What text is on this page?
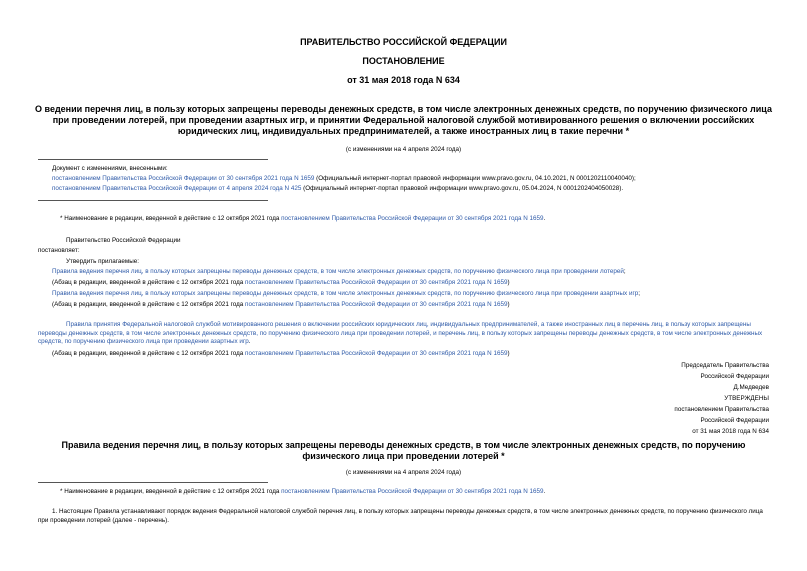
ПРАВИТЕЛЬСТВО РОССИЙСКОЙ ФЕДЕРАЦИИ
ПОСТАНОВЛЕНИЕ
от 31 мая 2018 года N 634
О ведении перечня лиц, в пользу которых запрещены переводы денежных средств, в том числе электронных денежных средств, по поручению физического лица
при проведении лотерей, при проведении азартных игр, и принятии Федеральной налоговой службой мотивированного решения о включении российских
юридических лиц, индивидуальных предпринимателей, а также иностранных лиц в такие перечни *
(с изменениями на 4 апреля 2024 года)
Документ с изменениями, внесенными:
постановлением Правительства Российской Федерации от 30 сентября 2021 года N 1659 (Официальный интернет-портал правовой информации www.pravo.gov.ru, 04.10.2021, N 0001202110040040);
постановлением Правительства Российской Федерации от 4 апреля 2024 года N 425 (Официальный интернет-портал правовой информации www.pravo.gov.ru, 05.04.2024, N 0001202404050028).
* Наименование в редакции, введенной в действие с 12 октября 2021 года постановлением Правительства Российской Федерации от 30 сентября 2021 года N 1659.
Правительство Российской Федерации
постановляет:
Утвердить прилагаемые:
Правила ведения перечня лиц, в пользу которых запрещены переводы денежных средств, в том числе электронных денежных средств, по поручению физического лица при проведении лотерей;
(Абзац в редакции, введенной в действие с 12 октября 2021 года постановлением Правительства Российской Федерации от 30 сентября 2021 года N 1659)
Правила ведения перечня лиц, в пользу которых запрещены переводы денежных средств, в том числе электронных денежных средств, по поручению физического лица при проведении азартных игр;
(Абзац в редакции, введенной в действие с 12 октября 2021 года постановлением Правительства Российской Федерации от 30 сентября 2021 года N 1659)
Правила принятия Федеральной налоговой службой мотивированного решения о включении российских юридических лиц, индивидуальных предпринимателей, а также иностранных лиц в перечень лиц, в пользу которых запрещены переводы денежных средств, в том числе электронных денежных средств, по поручению физического лица при проведении лотерей, и перечень лиц, в пользу которых запрещены переводы денежных средств, в том числе электронных денежных средств, по поручению физического лица при проведении азартных игр.
(Абзац в редакции, введенной в действие с 12 октября 2021 года постановлением Правительства Российской Федерации от 30 сентября 2021 года N 1659)
Председатель Правительства
Российской Федерации
Д.Медведев
УТВЕРЖДЕНЫ
постановлением Правительства
Российской Федерации
от 31 мая 2018 года N 634
Правила ведения перечня лиц, в пользу которых запрещены переводы денежных средств, в том числе электронных денежных средств, по поручению
физического лица при проведении лотерей *
(с изменениями на 4 апреля 2024 года)
* Наименование в редакции, введенной в действие с 12 октября 2021 года постановлением Правительства Российской Федерации от 30 сентября 2021 года N 1659.
1. Настоящие Правила устанавливают порядок ведения Федеральной налоговой службой перечня лиц, в пользу которых запрещены переводы денежных средств, в том числе электронных денежных средств, по поручению физического лица при проведении лотерей (далее - перечень).
